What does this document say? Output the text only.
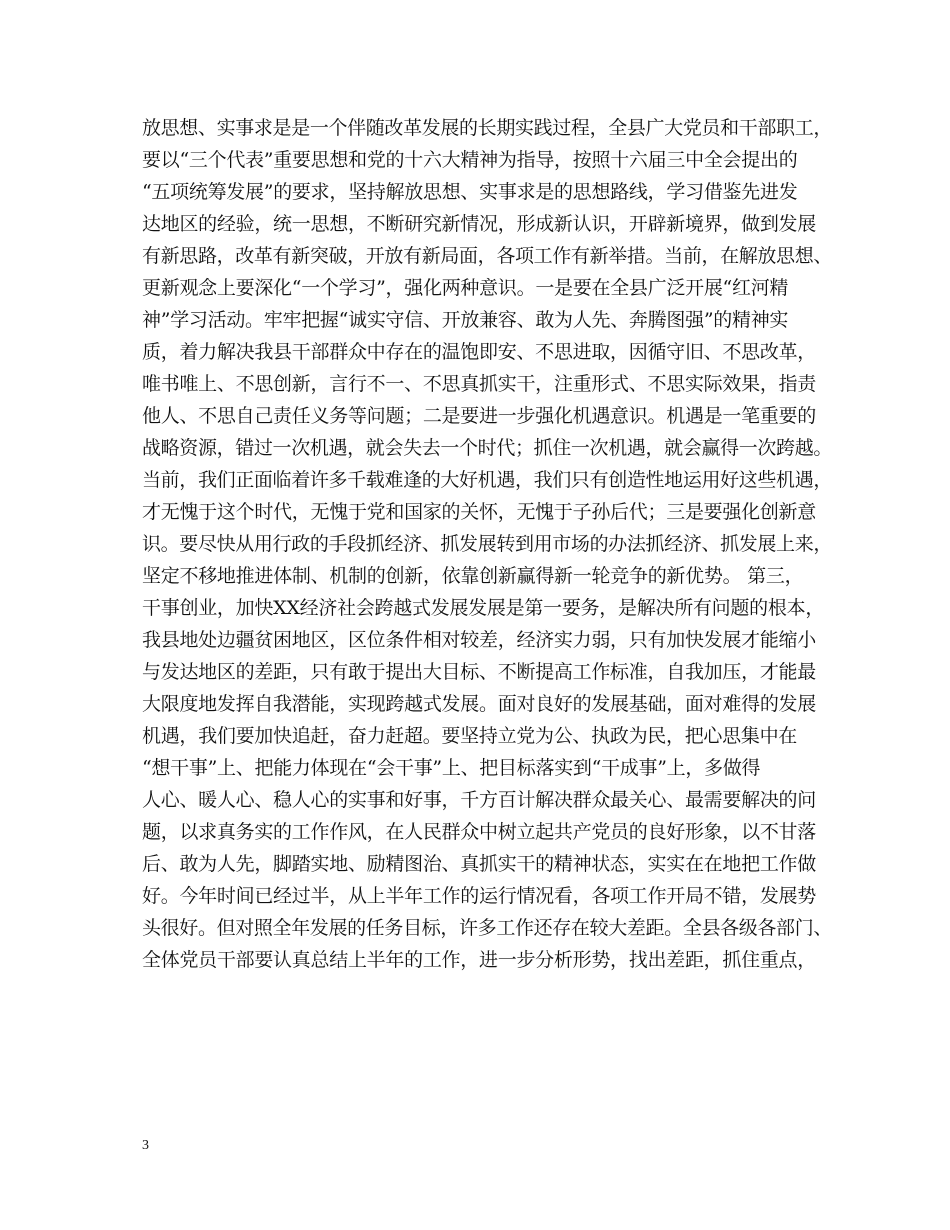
放思想、实事求是是一个伴随改革发展的长期实践过程，全县广大党员和干部职工，
要以“三个代表”重要思想和党的十六大精神为指导，按照十六届三中全会提出的
“五项统筹发展”的要求，坚持解放思想、实事求是的思想路线，学习借鉴先进发
达地区的经验，统一思想，不断研究新情况，形成新认识，开辟新境界，做到发展
有新思路，改革有新突破，开放有新局面，各项工作有新举措。当前，在解放思想、
更新观念上要深化“一个学习”，强化两种意识。一是要在全县广泛开展“红河精
神”学习活动。牢牢把握“诚实守信、开放兼容、敢为人先、奔腾图强”的精神实
质，着力解决我县干部群众中存在的温饱即安、不思进取，因循守旧、不思改革，
唯书唯上、不思创新，言行不一、不思真抓实干，注重形式、不思实际效果，指责
他人、不思自己责任义务等问题；二是要进一步强化机遇意识。机遇是一笔重要的
战略资源，错过一次机遇，就会失去一个时代；抓住一次机遇，就会赢得一次跨越。
当前，我们正面临着许多千载难逢的大好机遇，我们只有创造性地运用好这些机遇，
才无愧于这个时代，无愧于党和国家的关怀，无愧于子孙后代；三是要强化创新意
识。要尽快从用行政的手段抓经济、抓发展转到用市场的办法抓经济、抓发展上来，
坚定不移地推进体制、机制的创新，依靠创新赢得新一轮竞争的新优势。 第三，
干事创业，加快XX经济社会跨越式发展发展是第一要务，是解决所有问题的根本，
我县地处边疆贫困地区，区位条件相对较差，经济实力弱，只有加快发展才能缩小
与发达地区的差距，只有敢于提出大目标、不断提高工作标准，自我加压，才能最
大限度地发挥自我潜能，实现跨越式发展。面对良好的发展基础，面对难得的发展
机遇，我们要加快追赶，奋力赶超。要坚持立党为公、执政为民，把心思集中在
“想干事”上、把能力体现在“会干事”上、把目标落实到“干成事”上，多做得
人心、暖人心、稳人心的实事和好事，千方百计解决群众最关心、最需要解决的问
题，以求真务实的工作作风，在人民群众中树立起共产党员的良好形象，以不甘落
后、敢为人先，脚踏实地、励精图治、真抓实干的精神状态，实实在在地把工作做
好。今年时间已经过半，从上半年工作的运行情况看，各项工作开局不错，发展势
头很好。但对照全年发展的任务目标，许多工作还存在较大差距。全县各级各部门、
全体党员干部要认真总结上半年的工作，进一步分析形势，找出差距，抓住重点，
3
